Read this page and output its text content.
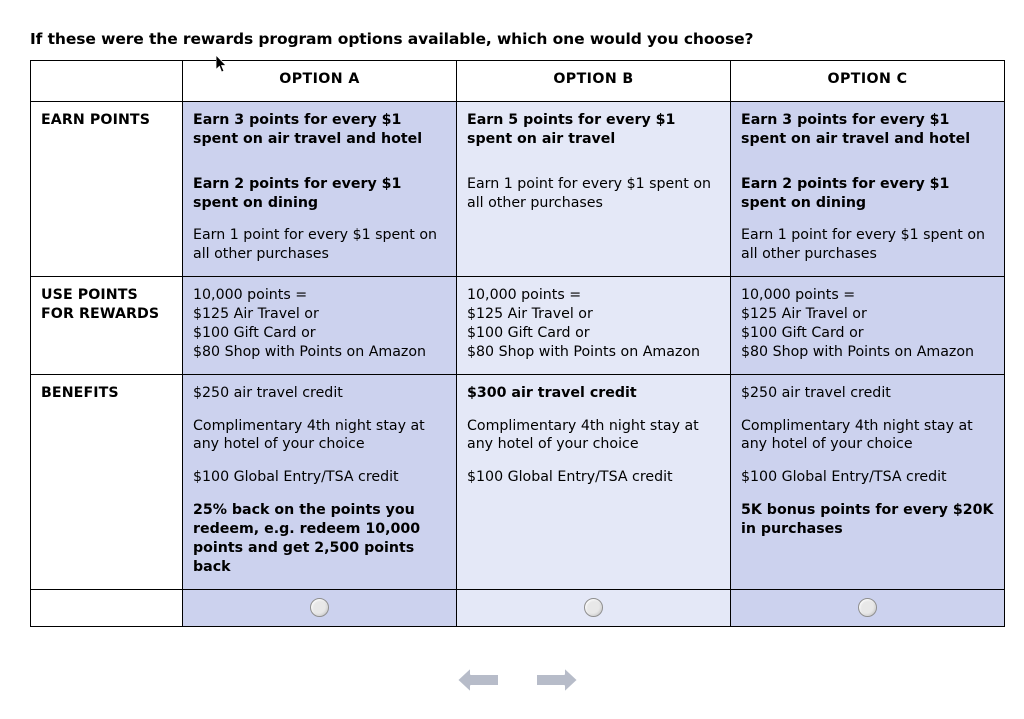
If these were the rewards program options available, which one would you choose?
	OPTION A	OPTION B	OPTION C
EARN POINTS	Earn 3 points for every $1 spent on air travel and hotel
Earn 2 points for every $1 spent on dining
Earn 1 point for every $1 spent on all other purchases

Earn 5 points for every $1 spent on air travel
Earn 1 point for every $1 spent on all other purchases

Earn 3 points for every $1 spent on air travel and hotel
Earn 2 points for every $1 spent on dining
Earn 1 point for every $1 spent on all other purchases

USE POINTS FOR REWARDS	
10,000 points =
$125 Air Travel or
$100 Gift Card or
$80 Shop with Points on Amazon

10,000 points =
$125 Air Travel or
$100 Gift Card or
$80 Shop with Points on Amazon

10,000 points =
$125 Air Travel or
$100 Gift Card or
$80 Shop with Points on Amazon

BENEFITS	$250 air travel credit
Complimentary 4th night stay at any hotel of your choice
$100 Global Entry/TSA credit
25% back on the points you redeem, e.g. redeem 10,000 points and get 2,500 points back

$300 air travel credit
Complimentary 4th night stay at any hotel of your choice
$100 Global Entry/TSA credit

$250 air travel credit
Complimentary 4th night stay at any hotel of your choice
$100 Global Entry/TSA credit
5K bonus points for every $20K in purchases
